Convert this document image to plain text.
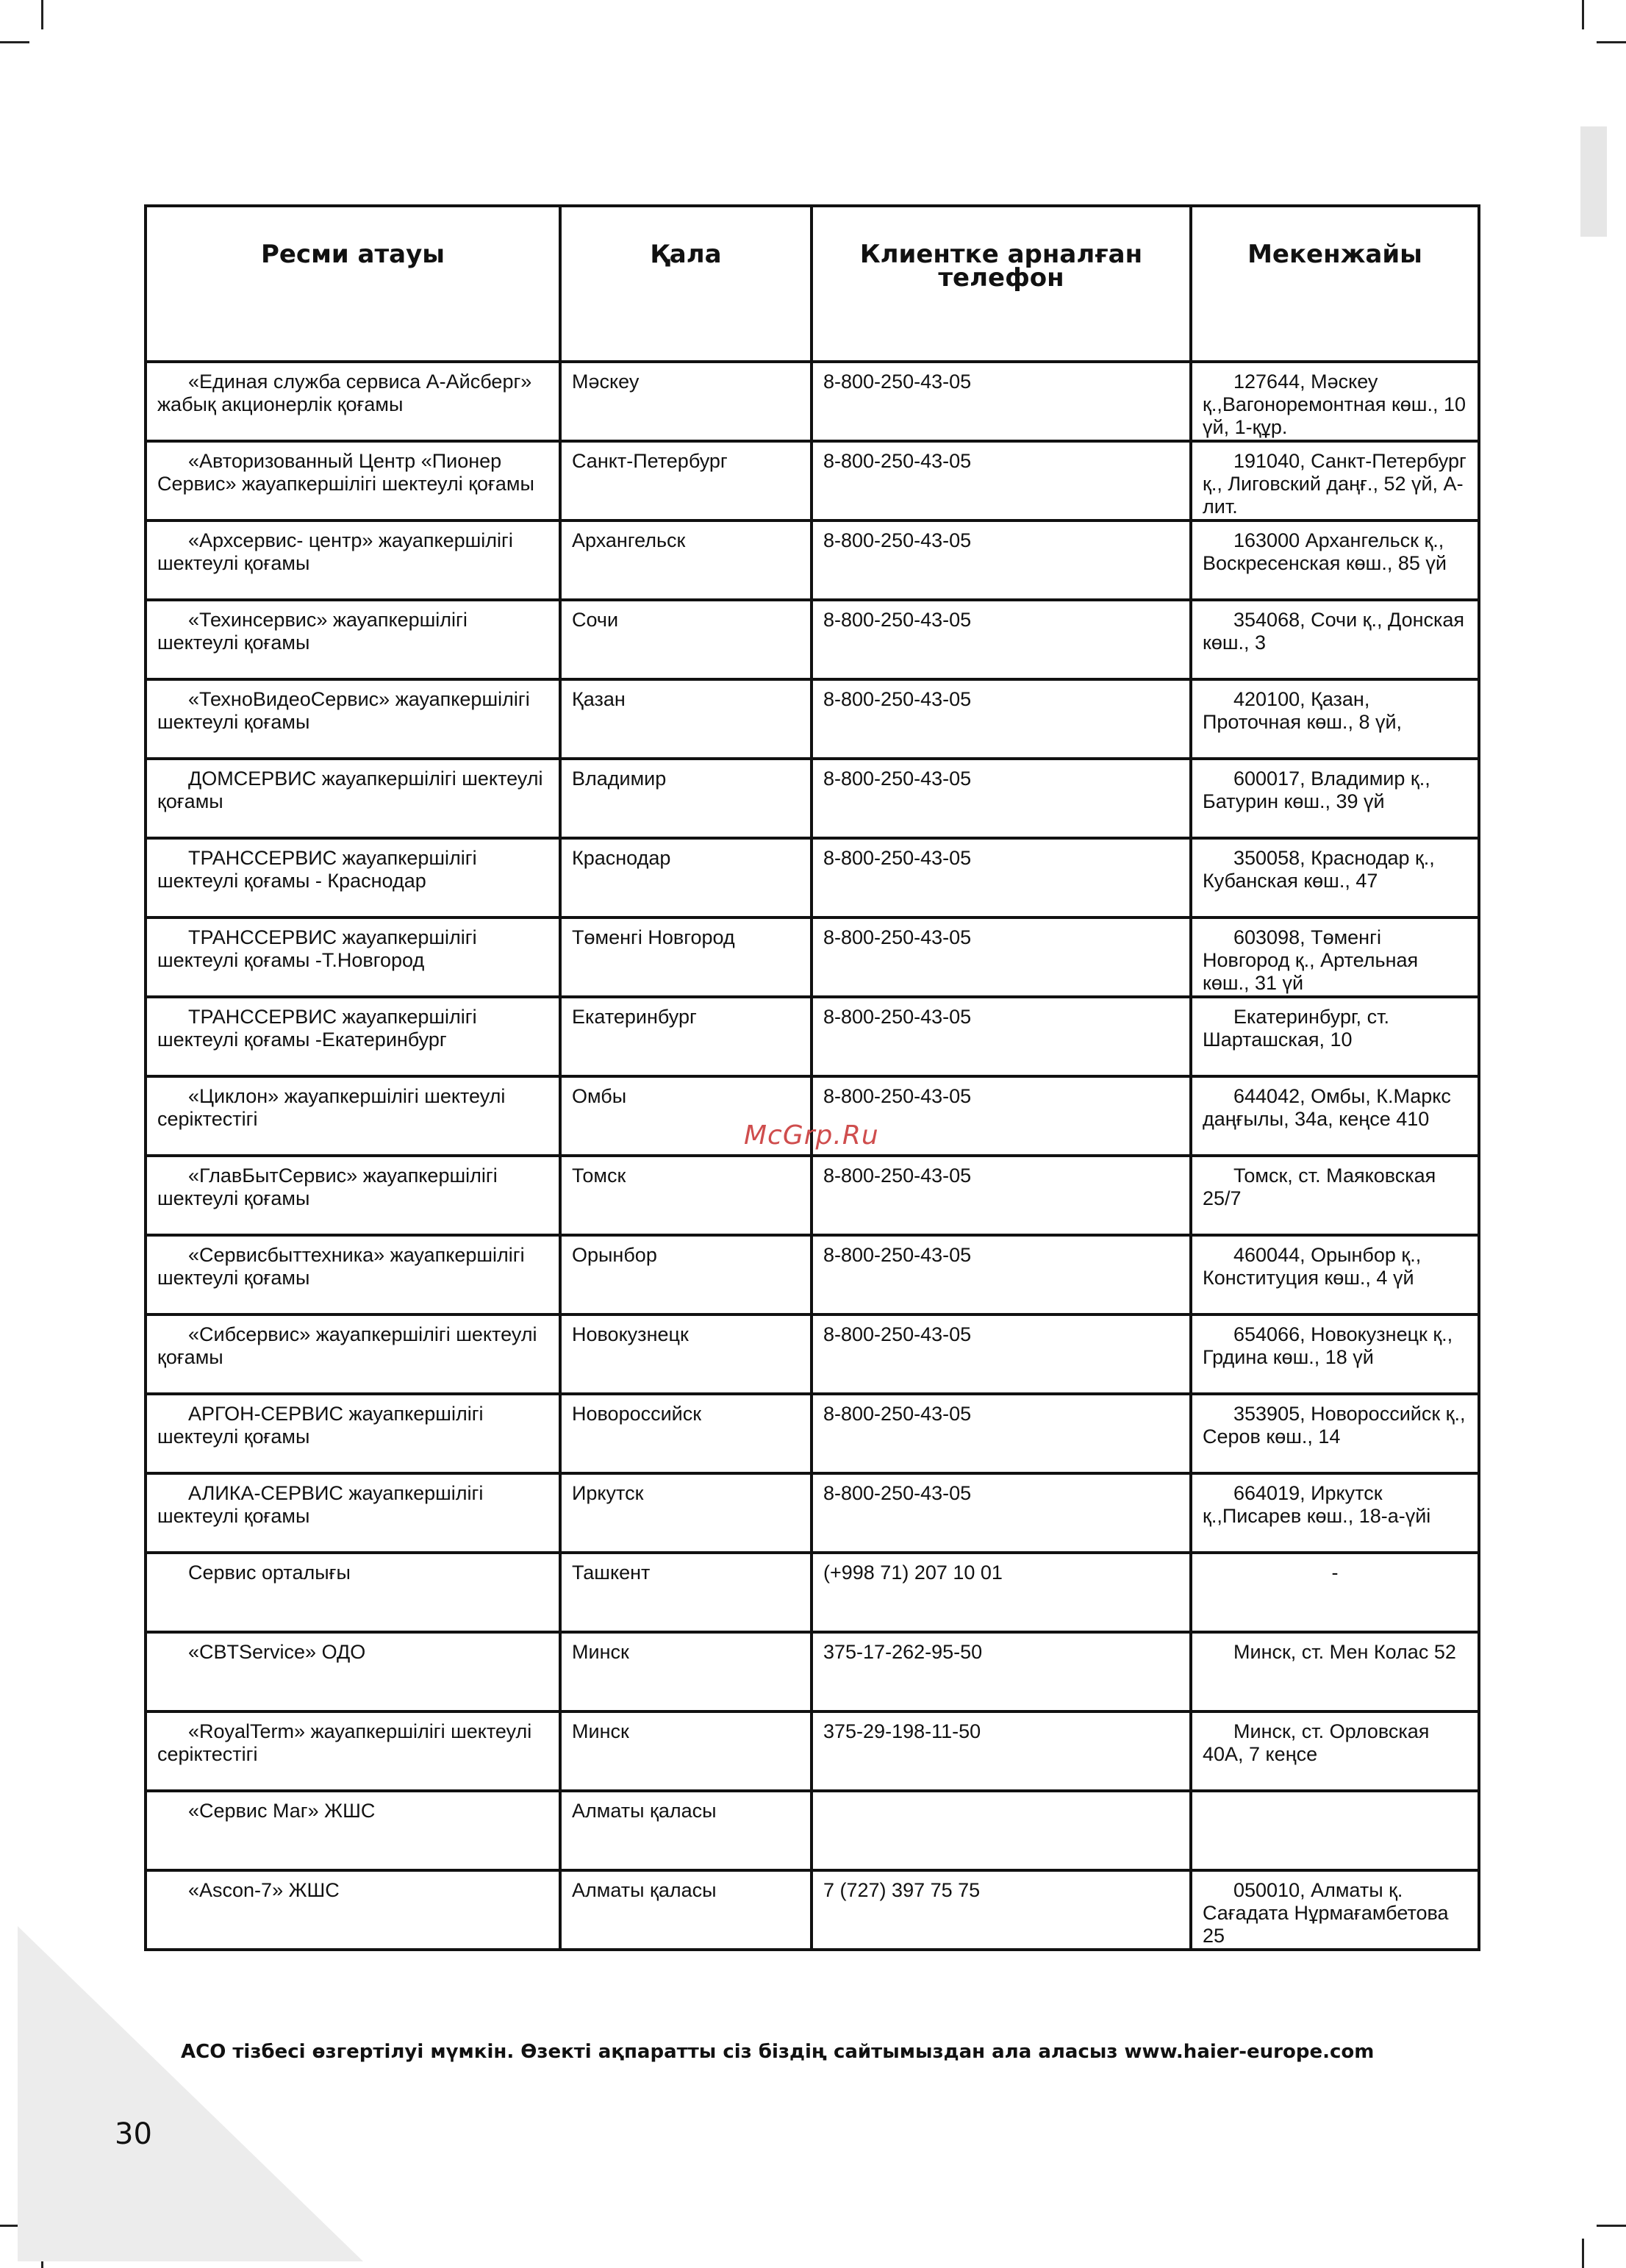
Ресми атауы	Қала	Клиентке арналған телефон	Мекенжайы
«Единая служба сервиса А-Айсберг» жабық акционерлік қоғамы	Мәскеу	8-800-250-43-05	127644, Мәскеу қ.,Вагоноремонтная көш., 10 үй, 1-құр.
«Авторизованный Центр «Пионер Сервис» жауапкершілігі шектеулі қоғамы	Санкт-Петербург	8-800-250-43-05	191040, Санкт-Петербург қ., Лиговский даңғ., 52 үй, А-лит.
«Архсервис- центр» жауапкершілігі шектеулі қоғамы	Архангельск	8-800-250-43-05	163000 Архангельск қ., Воскресенская көш., 85 үй
«Техинсервис» жауапкершілігі шектеулі қоғамы	Сочи	8-800-250-43-05	354068, Сочи қ., Донская көш., 3
«ТехноВидеоСервис» жауапкершілігі шектеулі қоғамы	Қазан	8-800-250-43-05	420100, Қазан, Проточная көш., 8 үй,
ДОМСЕРВИС жауапкершілігі шектеулі қоғамы	Владимир	8-800-250-43-05	600017, Владимир қ., Батурин көш., 39 үй
ТРАНССЕРВИС жауапкершілігі шектеулі қоғамы - Краснодар	Краснодар	8-800-250-43-05	350058, Краснодар қ., Кубанская көш., 47
ТРАНССЕРВИС жауапкершілігі шектеулі қоғамы -Т.Новгород	Төменгі Новгород	8-800-250-43-05	603098, Төменгі Новгород қ., Артельная көш., 31 үй
ТРАНССЕРВИС жауапкершілігі шектеулі қоғамы -Екатеринбург	Екатеринбург	8-800-250-43-05	Екатеринбург, ст. Шарташская, 10
«Циклон» жауапкершілігі шектеулі серіктестігі	Омбы	8-800-250-43-05	644042, Омбы, К.Маркс даңғылы, 34а, кеңсе 410
«ГлавБытСервис» жауапкершілігі шектеулі қоғамы	Томск	8-800-250-43-05	Томск, ст. Маяковская 25/7
«Сервисбыттехника» жауапкершілігі шектеулі қоғамы	Орынбор	8-800-250-43-05	460044, Орынбор қ., Конституция көш., 4 үй
«Сибсервис» жауапкершілігі шектеулі қоғамы	Новокузнецк	8-800-250-43-05	654066, Новокузнецк қ., Грдина көш., 18 үй
АРГОН-СЕРВИС жауапкершілігі шектеулі қоғамы	Новороссийск	8-800-250-43-05	353905, Новороссийск қ., Серов көш., 14
АЛИКА-СЕРВИС жауапкершілігі шектеулі қоғамы	Иркутск	8-800-250-43-05	664019, Иркутск қ.,Писарев көш., 18-а-үйі
Сервис орталығы	Ташкент	(+998 71) 207 10 01	-
«CBTService» ОДО	Минск	375-17-262-95-50	Минск, ст. Мен Колас 52
«RoyalTerm» жауапкершілігі шектеулі серіктестігі	Минск	375-29-198-11-50	Минск, ст. Орловская 40А, 7 кеңсе
«Сервис Маг» ЖШС	Алматы қаласы		
«Ascon-7» ЖШС	Алматы қаласы	7 (727) 397 75 75	050010, Алматы қ. Сағадата Нұрмағамбетова 25
McGrp.Ru
АСО тізбесі өзгертілуі мүмкін. Өзекті ақпаратты сіз біздің сайтымыздан ала аласыз www.haier-europe.com
30
